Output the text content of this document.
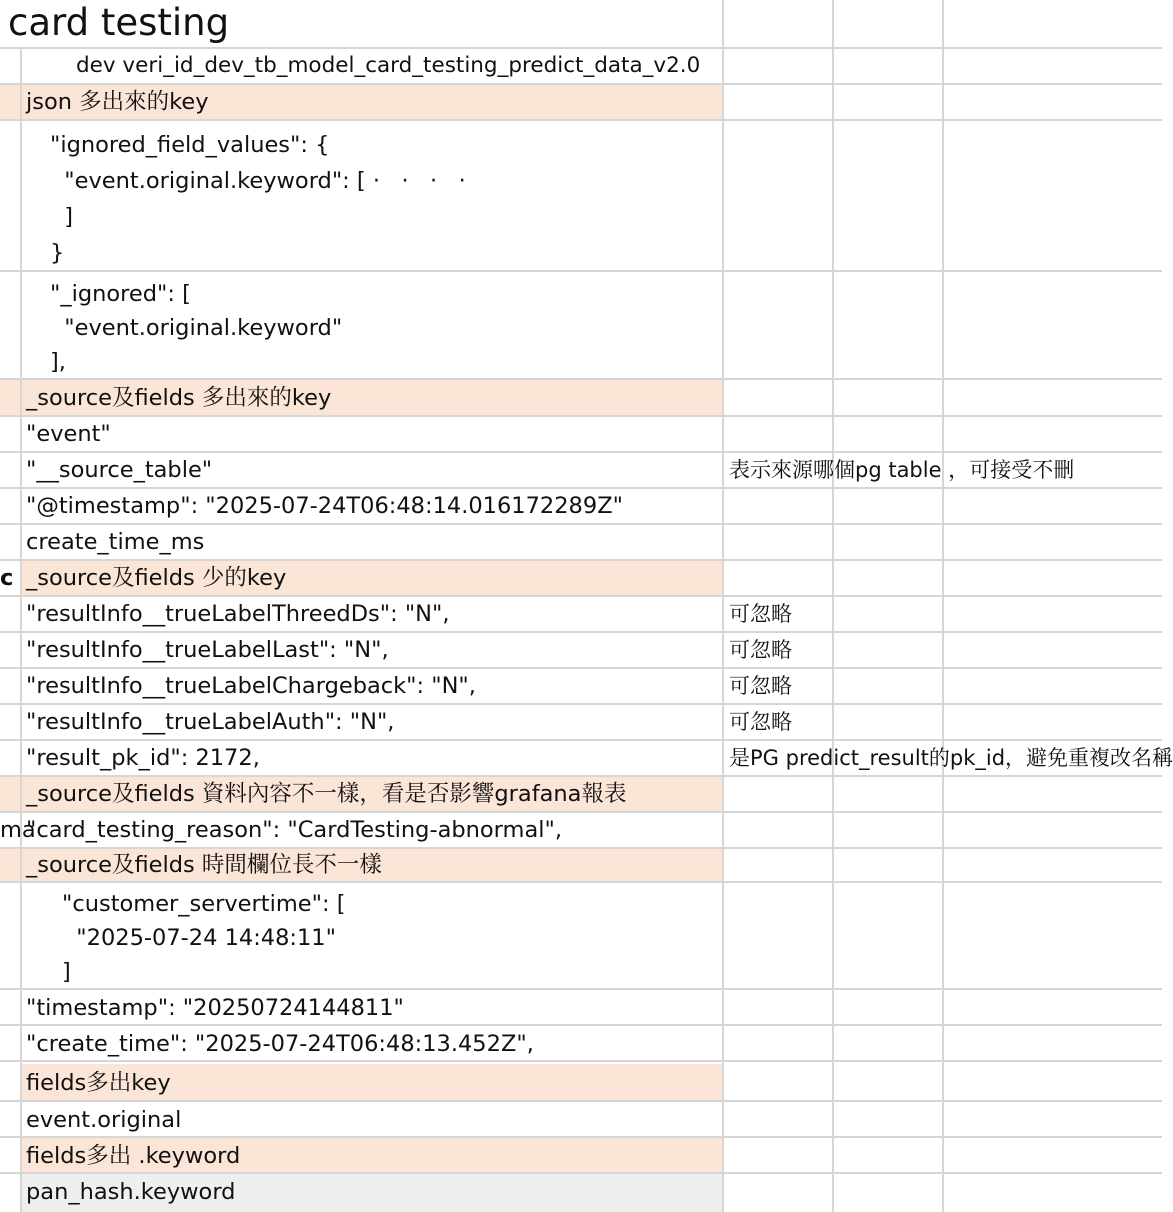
card testing
c
ma
dev veri_id_dev_tb_model_card_testing_predict_data_v2.0
json 多出來的key
"ignored_field_values": {
"event.original.keyword": [ ·   ·   ·   ·
]
}
"_ignored": [
"event.original.keyword"
],
_source及fields 多出來的key
"event"
"__source_table"	表示來源哪個pg table ，可接受不刪
"@timestamp": "2025-07-24T06:48:14.016172289Z"
create_time_ms
_source及fields 少的key
"resultInfo__trueLabelThreedDs": "N",	可忽略
"resultInfo__trueLabelLast": "N",	可忽略
"resultInfo__trueLabelChargeback": "N",	可忽略
"resultInfo__trueLabelAuth": "N",	可忽略
"result_pk_id": 2172,	是PG predict_result的pk_id，避免重複改名稱
_source及fields 資料內容不一樣，看是否影響grafana報表
"card_testing_reason": "CardTesting-abnormal",
_source及fields 時間欄位長不一樣
"customer_servertime": [
"2025-07-24 14:48:11"
]
"timestamp": "20250724144811"
"create_time": "2025-07-24T06:48:13.452Z",
fields多出key
event.original
fields多出 .keyword
pan_hash.keyword
